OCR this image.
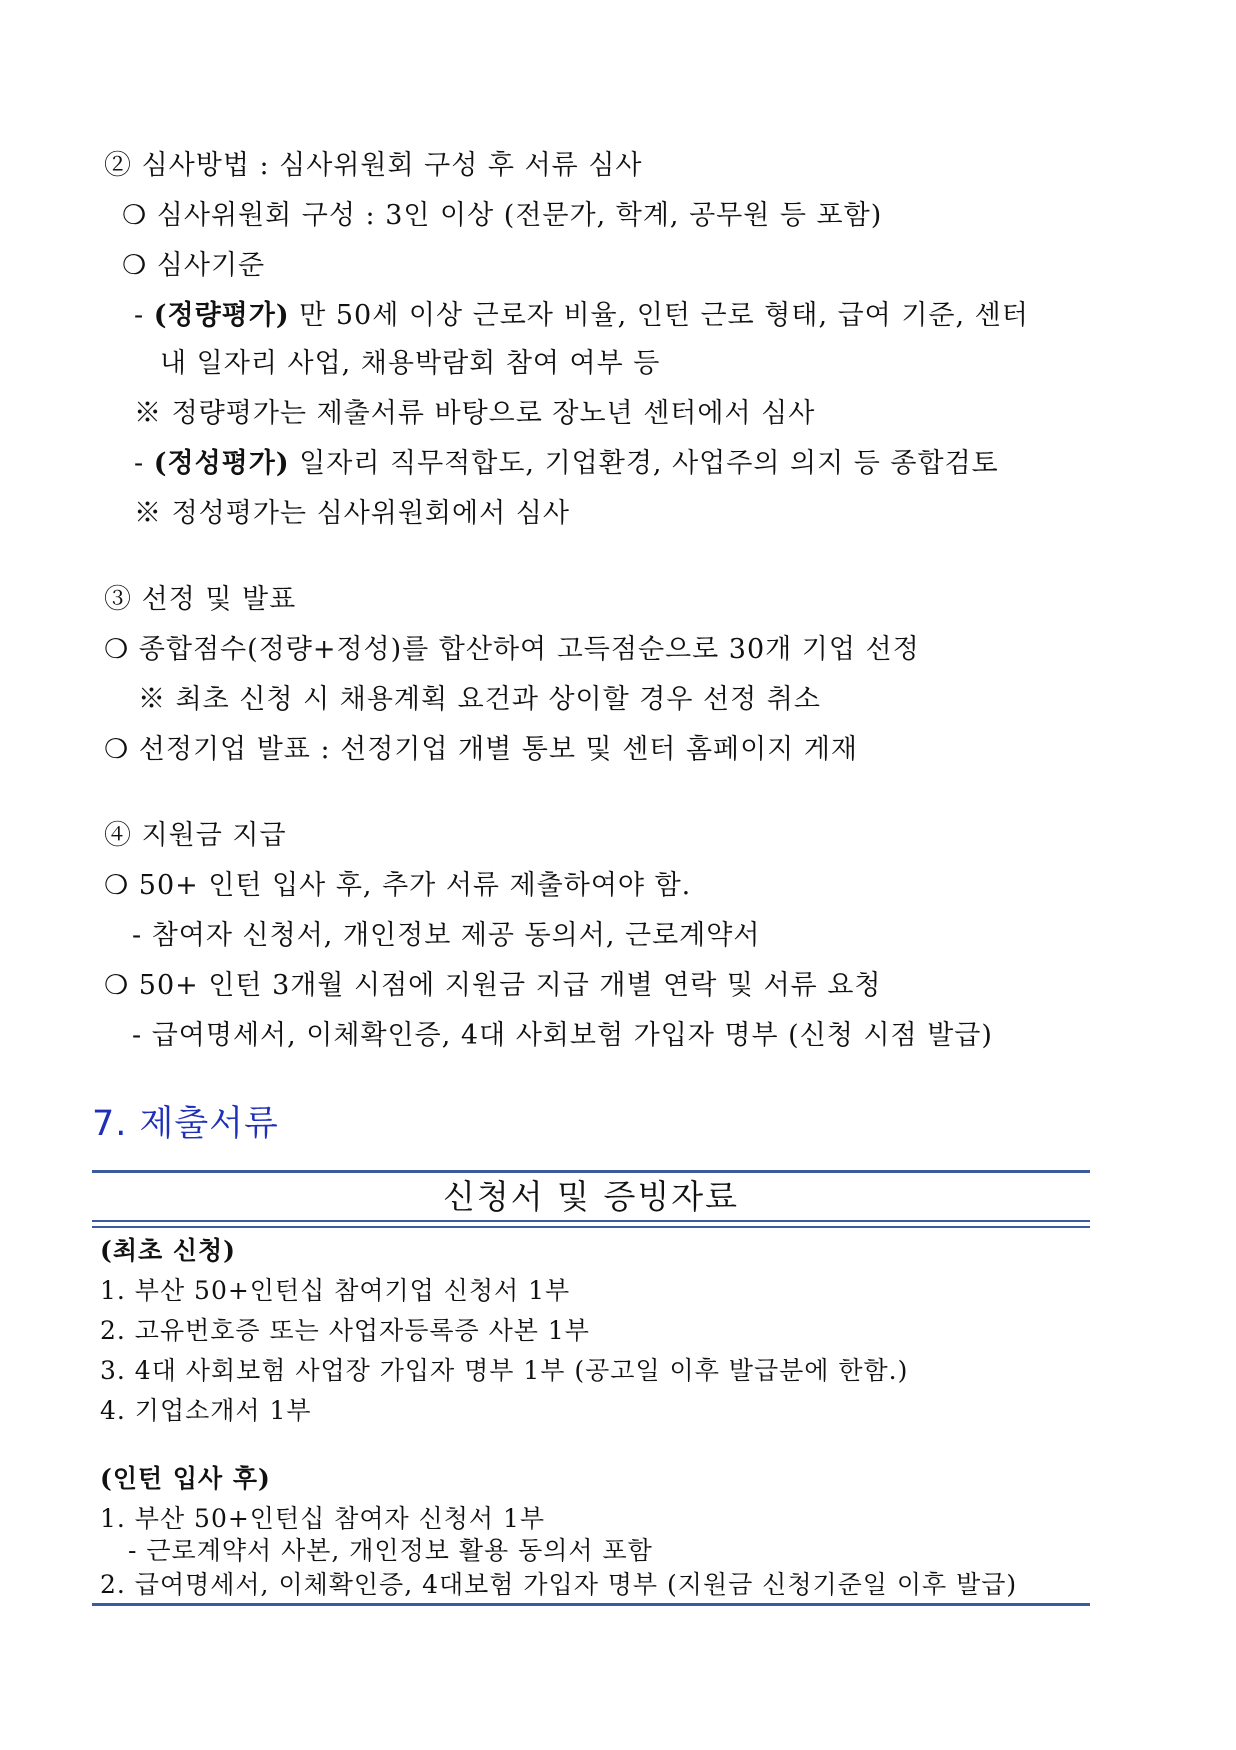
② 심사방법 : 심사위원회 구성 후 서류 심사
❍ 심사위원회 구성 : 3인 이상 (전문가, 학계, 공무원 등 포함)
❍ 심사기준
- (정량평가) 만 50세 이상 근로자 비율, 인턴 근로 형태, 급여 기준, 센터
내 일자리 사업, 채용박람회 참여 여부 등
※ 정량평가는 제출서류 바탕으로 장노년 센터에서 심사
- (정성평가) 일자리 직무적합도, 기업환경, 사업주의 의지 등 종합검토
※ 정성평가는 심사위원회에서 심사
③ 선정 및 발표
❍ 종합점수(정량+정성)를 합산하여 고득점순으로 30개 기업 선정
※ 최초 신청 시 채용계획 요건과 상이할 경우 선정 취소
❍ 선정기업 발표 : 선정기업 개별 통보 및 센터 홈페이지 게재
④ 지원금 지급
❍ 50+ 인턴 입사 후, 추가 서류 제출하여야 함.
- 참여자 신청서, 개인정보 제공 동의서, 근로계약서
❍ 50+ 인턴 3개월 시점에 지원금 지급 개별 연락 및 서류 요청
- 급여명세서, 이체확인증, 4대 사회보험 가입자 명부 (신청 시점 발급)
7. 제출서류
신청서 및 증빙자료
(최초 신청)
1. 부산 50+인턴십 참여기업 신청서 1부
2. 고유번호증 또는 사업자등록증 사본 1부
3. 4대 사회보험 사업장 가입자 명부 1부 (공고일 이후 발급분에 한함.)
4. 기업소개서 1부
(인턴 입사 후)
1. 부산 50+인턴십 참여자 신청서 1부
- 근로계약서 사본, 개인정보 활용 동의서 포함
2. 급여명세서, 이체확인증, 4대보험 가입자 명부 (지원금 신청기준일 이후 발급)
